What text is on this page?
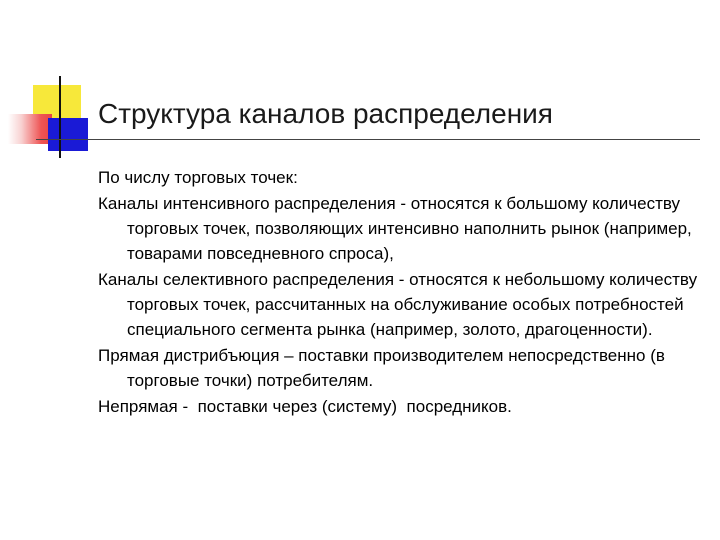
Структура каналов распределения
По числу торговых точек:
Каналы интенсивного распределения - относятся к большому количеству торговых точек, позволяющих интенсивно наполнить рынок (например, товарами повседневного спроса),
Каналы селективного распределения - относятся к небольшому количеству торговых точек, рассчитанных на обслуживание особых потребностей специального сегмента рынка (например, золото, драгоценности).
Прямая дистрибъюция – поставки производителем непосредственно (в торговые точки) потребителям.
Непрямая -  поставки через (систему)  посредников.
